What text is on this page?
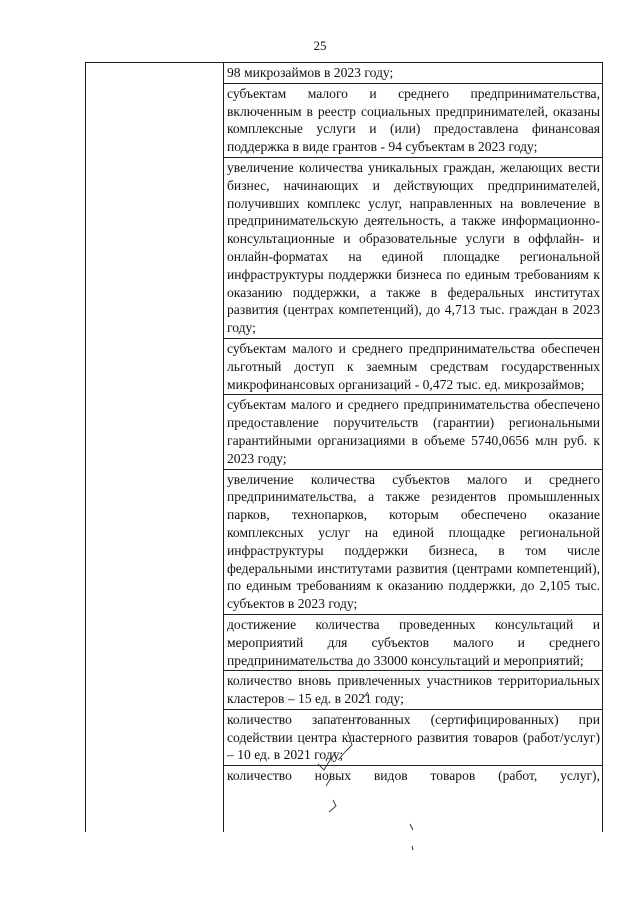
25
98 микрозаймов в 2023 году;
субъектам малого и среднего предпринимательства, включенным в реестр социальных предпринимателей, оказаны комплексные услуги и (или) предоставлена финансовая поддержка в виде грантов - 94 субъектам в 2023 году;
увеличение количества уникальных граждан, желающих вести бизнес, начинающих и действующих предпринимателей, получивших комплекс услуг, направленных на вовлечение в предпринимательскую деятельность, а также информационно-консультационные и образовательные услуги в оффлайн- и онлайн-форматах на единой площадке региональной инфраструктуры поддержки бизнеса по единым требованиям к оказанию поддержки, а также в федеральных институтах развития (центрах компетенций), до 4,713 тыс. граждан в 2023 году;
субъектам малого и среднего предпринимательства обеспечен льготный доступ к заемным средствам государственных микрофинансовых организаций - 0,472 тыс. ед. микрозаймов;
субъектам малого и среднего предпринимательства обеспечено предоставление поручительств (гарантии) региональными гарантийными организациями в объеме 5740,0656 млн руб. к 2023 году;
увеличение количества субъектов малого и среднего предпринимательства, а также резидентов промышленных парков, технопарков, которым обеспечено оказание комплексных услуг на единой площадке региональной инфраструктуры поддержки бизнеса, в том числе федеральными институтами развития (центрами компетенций), по единым требованиям к оказанию поддержки, до 2,105 тыс. субъектов в 2023 году;
достижение количества проведенных консультаций и мероприятий для субъектов малого и среднего предпринимательства до 33000 консультаций и мероприятий;
количество вновь привлеченных участников территориальных кластеров – 15 ед. в 2021 году;
количество запатентованных (сертифицированных) при содействии центра кластерного развития товаров (работ/услуг) – 10 ед. в 2021 году;
количество новых видов товаров (работ, услуг),
